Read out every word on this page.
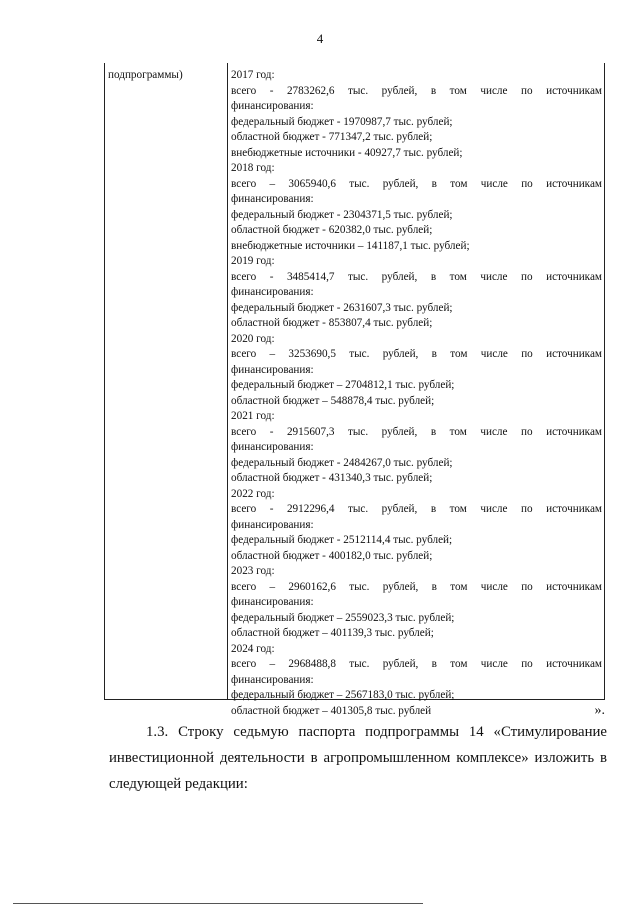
4
подпрограммы)	2017 год:
всего - 2783262,6 тыс. рублей, в том числе по источникам
финансирования:
федеральный бюджет - 1970987,7 тыс. рублей;
областной бюджет - 771347,2 тыс. рублей;
внебюджетные источники - 40927,7 тыс. рублей;
2018 год:
всего – 3065940,6 тыс. рублей, в том числе по источникам
финансирования:
федеральный бюджет - 2304371,5 тыс. рублей;
областной бюджет - 620382,0 тыс. рублей;
внебюджетные источники – 141187,1 тыс. рублей;
2019 год:
всего - 3485414,7 тыс. рублей, в том числе по источникам
финансирования:
федеральный бюджет - 2631607,3 тыс. рублей;
областной бюджет - 853807,4 тыс. рублей;
2020 год:
всего – 3253690,5 тыс. рублей, в том числе по источникам
финансирования:
федеральный бюджет – 2704812,1 тыс. рублей;
областной бюджет – 548878,4 тыс. рублей;
2021 год:
всего - 2915607,3 тыс. рублей, в том числе по источникам
финансирования:
федеральный бюджет - 2484267,0 тыс. рублей;
областной бюджет - 431340,3 тыс. рублей;
2022 год:
всего - 2912296,4 тыс. рублей, в том числе по источникам
финансирования:
федеральный бюджет - 2512114,4 тыс. рублей;
областной бюджет - 400182,0 тыс. рублей;
2023 год:
всего – 2960162,6 тыс. рублей, в том числе по источникам
финансирования:
федеральный бюджет – 2559023,3 тыс. рублей;
областной бюджет – 401139,3 тыс. рублей;
2024 год:
всего – 2968488,8 тыс. рублей, в том числе по источникам
финансирования:
федеральный бюджет – 2567183,0 тыс. рублей;
областной бюджет – 401305,8 тыс. рублей	».
1.3. Строку седьмую паспорта подпрограммы 14 «Стимулирование
инвестиционной деятельности в агропромышленном комплексе» изложить в
следующей редакции:
